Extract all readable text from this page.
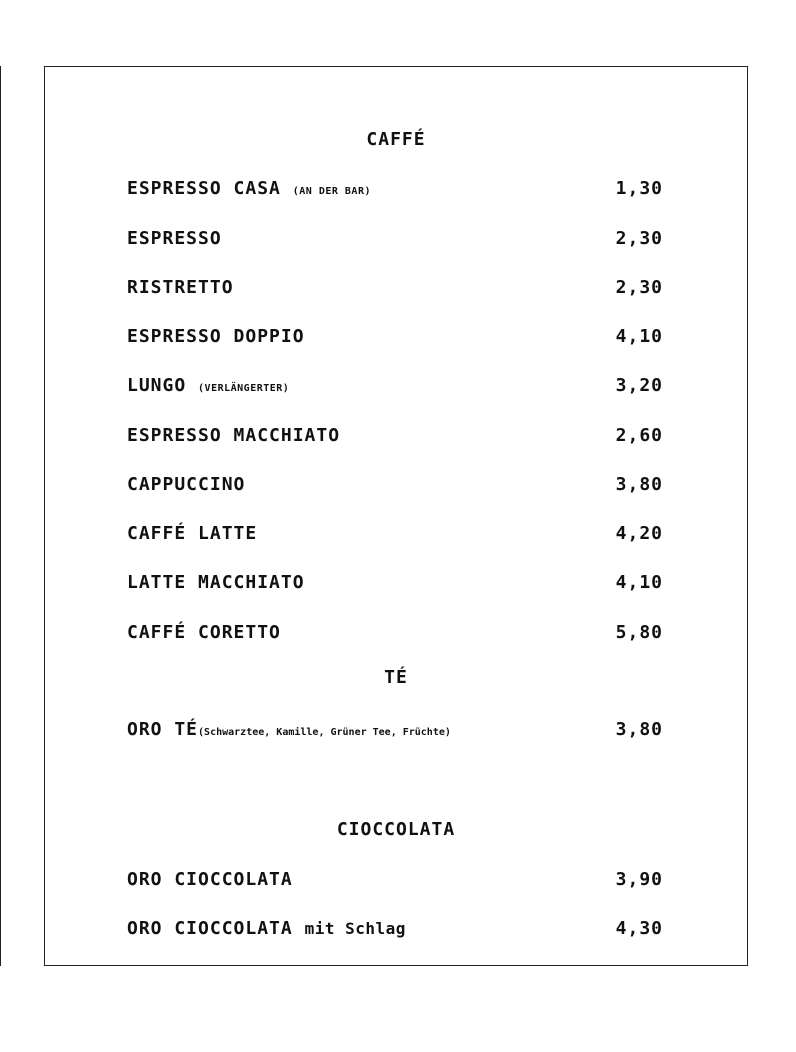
CAFFÉ
ESPRESSO CASA (AN DER BAR)	1,30
ESPRESSO	2,30
RISTRETTO	2,30
ESPRESSO DOPPIO	4,10
LUNGO (VERLÄNGERTER)	3,20
ESPRESSO MACCHIATO	2,60
CAPPUCCINO	3,80
CAFFÉ LATTE	4,20
LATTE MACCHIATO	4,10
CAFFÉ CORETTO	5,80
TÉ
ORO TÉ(Schwarztee, Kamille, Grüner Tee, Früchte)	3,80
CIOCCOLATA
ORO CIOCCOLATA	3,90
ORO CIOCCOLATA mit Schlag	4,30
